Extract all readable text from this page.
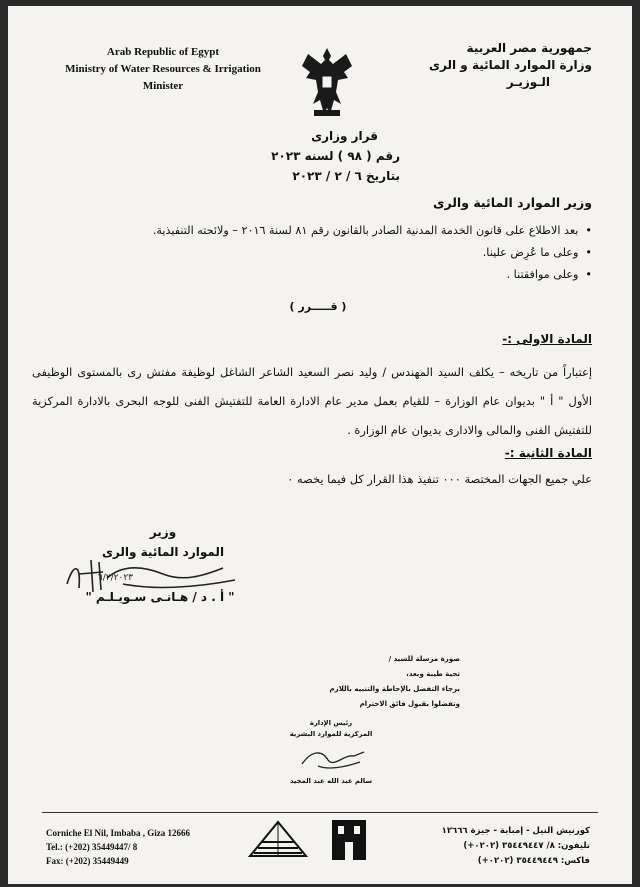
Arab Republic of Egypt
Ministry of Water Resources & Irrigation
Minister
جمهورية مصر العربية
وزارة الموارد المائية و الرى
الـوزيـر
قرار وزارى
رقم ( ٩٨ ) لسنه ٢٠٢٣
بتاريخ ٦ / ٢ / ٢٠٢٣
وزير الموارد المائية والرى
• بعد الاطلاع على قانون الخدمة المدنية الصادر بالقانون رقم ٨١ لسنة ٢٠١٦ – ولائحته التنفيذية.
• وعلى ما عُرِض علينا.
• وعلى موافقتنا .
( قـــــرر )
المادة الاولى :-
إعتباراً من تاريخه – يكلف السيد المهندس / وليد نصر السعيد الشاعر الشاغل لوظيفة مفتش رى بالمستوى الوظيفى الأول " أ " بديوان عام الوزارة – للقيام بعمل مدير عام الادارة العامة للتفتيش الفنى للوجه البحرى بالادارة المركزية للتفتيش الفنى والمالى والادارى بديوان عام الوزارة .
المادة الثانية :-
علي جميع الجهات المختصة ٠٠٠ تنفيذ هذا القرار كل فيما يخصه ٠
وزير
الموارد المائية والرى
٦/٢/٢٠٢٣
" أ . د / هـانـى سـويـلـم "
صورة مرسلة للسيد /
تحية طيبة وبعد،
برجاء التفضل بالإحاطة والتنبيه باللازم
وتفضلوا بقبول فائق الاحترام
رئيس الإدارة
المركزية للموارد البشرية
سالم عبد الله عبد المجيد
Corniche El Nil, Imbaba , Giza 12666
Tel.: (+202) 35449447/ 8
Fax: (+202) 35449449
كورنيش النيل - إمبابة - جيزة ١٢٦٦٦
تليفون: ٨/ ٣٥٤٤٩٤٤٧ (٠٢٠٢+)
فاكس: ٣٥٤٤٩٤٤٩ (٠٢٠٢+)
